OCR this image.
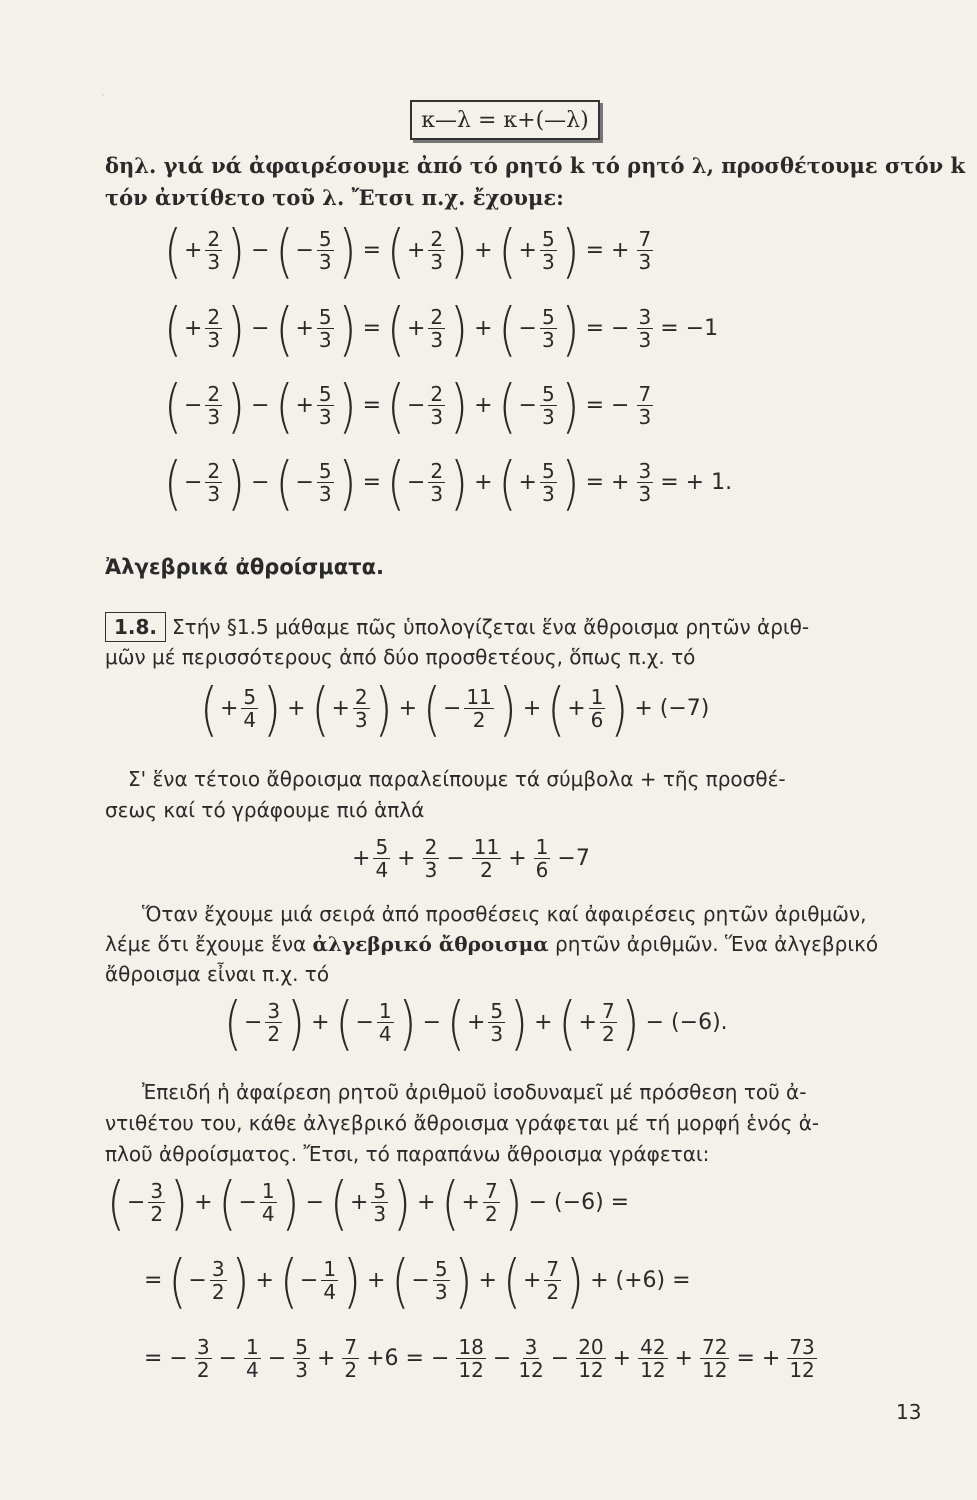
.
κ—λ = κ+(—λ)
δηλ. γιά νά ἀφαιρέσουμε ἀπό τό ρητό k τό ρητό λ, προσθέτουμε στόν k
τόν ἀντίθετο τοῦ λ. Ἔτσι π.χ. ἔχουμε:
( + $\frac{2}{3}$ ) − ( − $\frac{5}{3}$ ) = ( + $\frac{2}{3}$ ) + ( + $\frac{5}{3}$ ) = + $\frac{7}{3}$
( + $\frac{2}{3}$ ) − ( + $\frac{5}{3}$ ) = ( + $\frac{2}{3}$ ) + ( − $\frac{5}{3}$ ) = − $\frac{3}{3} = -1$
( − $\frac{2}{3}$ ) − ( + $\frac{5}{3}$ ) = ( − $\frac{2}{3}$ ) + ( − $\frac{5}{3}$ ) = − $\frac{7}{3}$
( − $\frac{2}{3}$ ) − ( − $\frac{5}{3}$ ) = ( − $\frac{2}{3}$ ) + ( + $\frac{5}{3}$ ) = + $\frac{3}{3}$ = + 1.
Ἀλγεβρικά ἀθροίσματα.
1.8. Στήν §1.5 μάθαμε πῶς ὑπολογίζεται ἕνα ἄθροισμα ρητῶν ἀριθ-
μῶν μέ περισσότερους ἀπό δύο προσθετέους, ὅπως π.χ. τό
( + $\frac{5}{4}$ ) + ( + $\frac{2}{3}$ ) + ( − $\frac{11}{2}$ ) + ( + $\frac{1}{6}$ ) + (−7)
Σ' ἕνα τέτοιο ἄθροισμα παραλείπουμε τά σύμβολα + τῆς προσθέ-
σεως καί τό γράφουμε πιό ἁπλά
+ $\frac{5}{4} + \frac{2}{3} - \frac{11}{2} + \frac{1}{6} -7$
Ὅταν ἔχουμε μιά σειρά ἀπό προσθέσεις καί ἀφαιρέσεις ρητῶν ἀριθμῶν,
λέμε ὅτι ἔχουμε ἕνα ἀλγεβρικό ἄθροισμα ρητῶν ἀριθμῶν. Ἕνα ἀλγεβρικό
ἄθροισμα εἶναι π.χ. τό
( − $\frac{3}{2}$ ) + ( − $\frac{1}{4}$ ) − ( + $\frac{5}{3}$ ) + ( + $\frac{7}{2}$ ) − (−6).
Ἐπειδή ἡ ἀφαίρεση ρητοῦ ἀριθμοῦ ἰσοδυναμεῖ μέ πρόσθεση τοῦ ἀ-
ντιθέτου του, κάθε ἀλγεβρικό ἄθροισμα γράφεται μέ τή μορφή ἑνός ἀ-
πλοῦ ἀθροίσματος. Ἔτσι, τό παραπάνω ἄθροισμα γράφεται:
( − $\frac{3}{2}$ ) + ( − $\frac{1}{4}$ ) − ( + $\frac{5}{3}$ ) + ( + $\frac{7}{2}$ ) − (−6) =
= ( − $\frac{3}{2}$ ) + ( − $\frac{1}{4}$ ) + ( − $\frac{5}{3}$ ) + ( + $\frac{7}{2}$ ) + (+6) =
= − $\frac{3}{2} - \frac{1}{4} - \frac{5}{3} + \frac{7}{2} +6$ = − $\frac{18}{12} - \frac{3}{12} - \frac{20}{12} + \frac{42}{12} + \frac{72}{12}$ = + $\frac{73}{12}$
13
